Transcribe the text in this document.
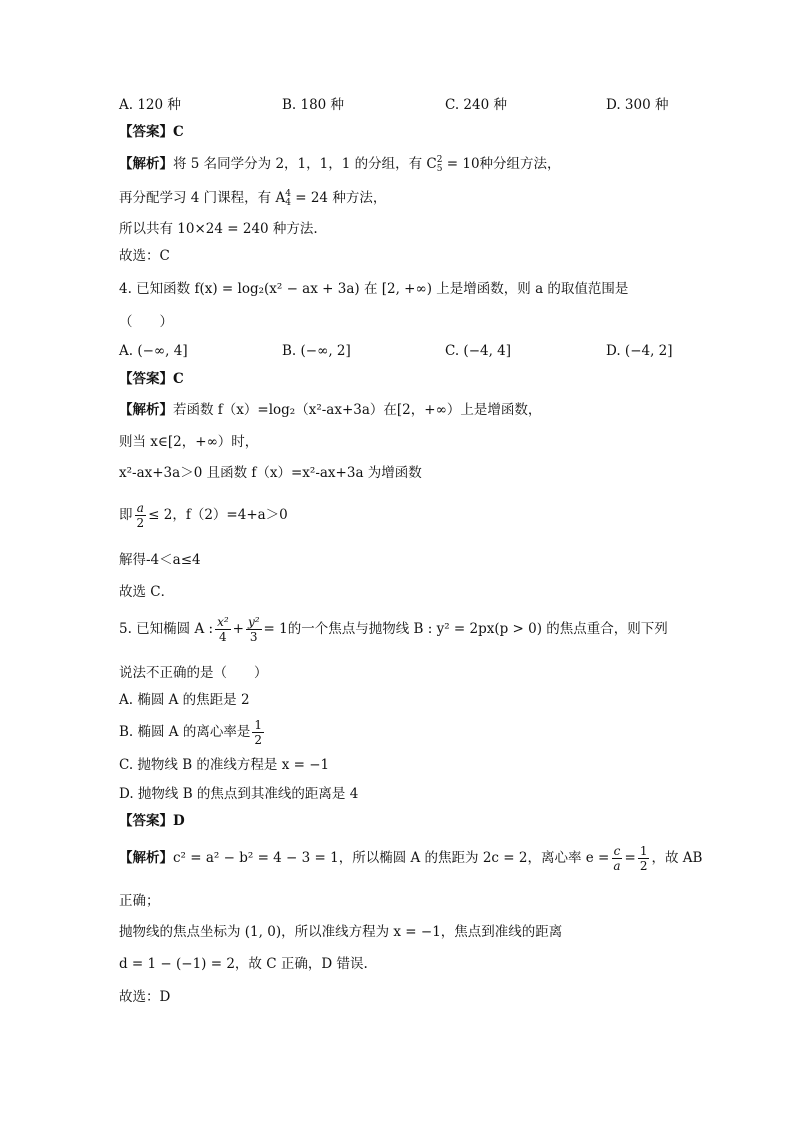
A. 120 种	B. 180 种	C. 240 种	D. 300 种
【答案】C
【解析】将 5 名同学分为 2，1，1，1 的分组，有 C 2
5 = 10种分组方法，
再分配学习 4 门课程，有 A 4
4 = 24 种方法，
所以共有 10×24 = 240 种方法.
故选：C
4. 已知函数 f(x) = log₂(x² − ax + 3a) 在 [2, +∞) 上是增函数，则 a 的取值范围是
（　　）
A. (−∞, 4]	B. (−∞, 2]	C. (−4, 4]	D. (−4, 2]
【答案】C
【解析】若函数 f（x）=log₂（x²-ax+3a）在[2，+∞）上是增函数，
则当 x∈[2，+∞）时，
x²-ax+3a＞0 且函数 f（x）=x²-ax+3a 为增函数
即 $\frac{a}{2} \le 2$，f（2）=4+a＞0
解得-4＜a≤4
故选 C．
5. 已知椭圆 A : $\frac{\text{x²}}{4} + \frac{\text{y²}}{3} = 1$的一个焦点与抛物线 B : y² = 2px(p > 0) 的焦点重合，则下列
说法不正确的是（　　）
A. 椭圆 A 的焦距是 2
B. 椭圆 A 的离心率是 $\frac{1}{2}$
C. 抛物线 B 的准线方程是 x = −1
D. 抛物线 B 的焦点到其准线的距离是 4
【答案】D
【解析】c² = a² − b² = 4 − 3 = 1，所以椭圆 A 的焦距为 2c = 2，离心率 $e = \frac{c}{a} = \frac{1}{2}$ ，故 AB
正确；
抛物线的焦点坐标为 (1, 0)，所以准线方程为 x = −1，焦点到准线的距离
d = 1 − (−1) = 2，故 C 正确，D 错误.
故选：D
